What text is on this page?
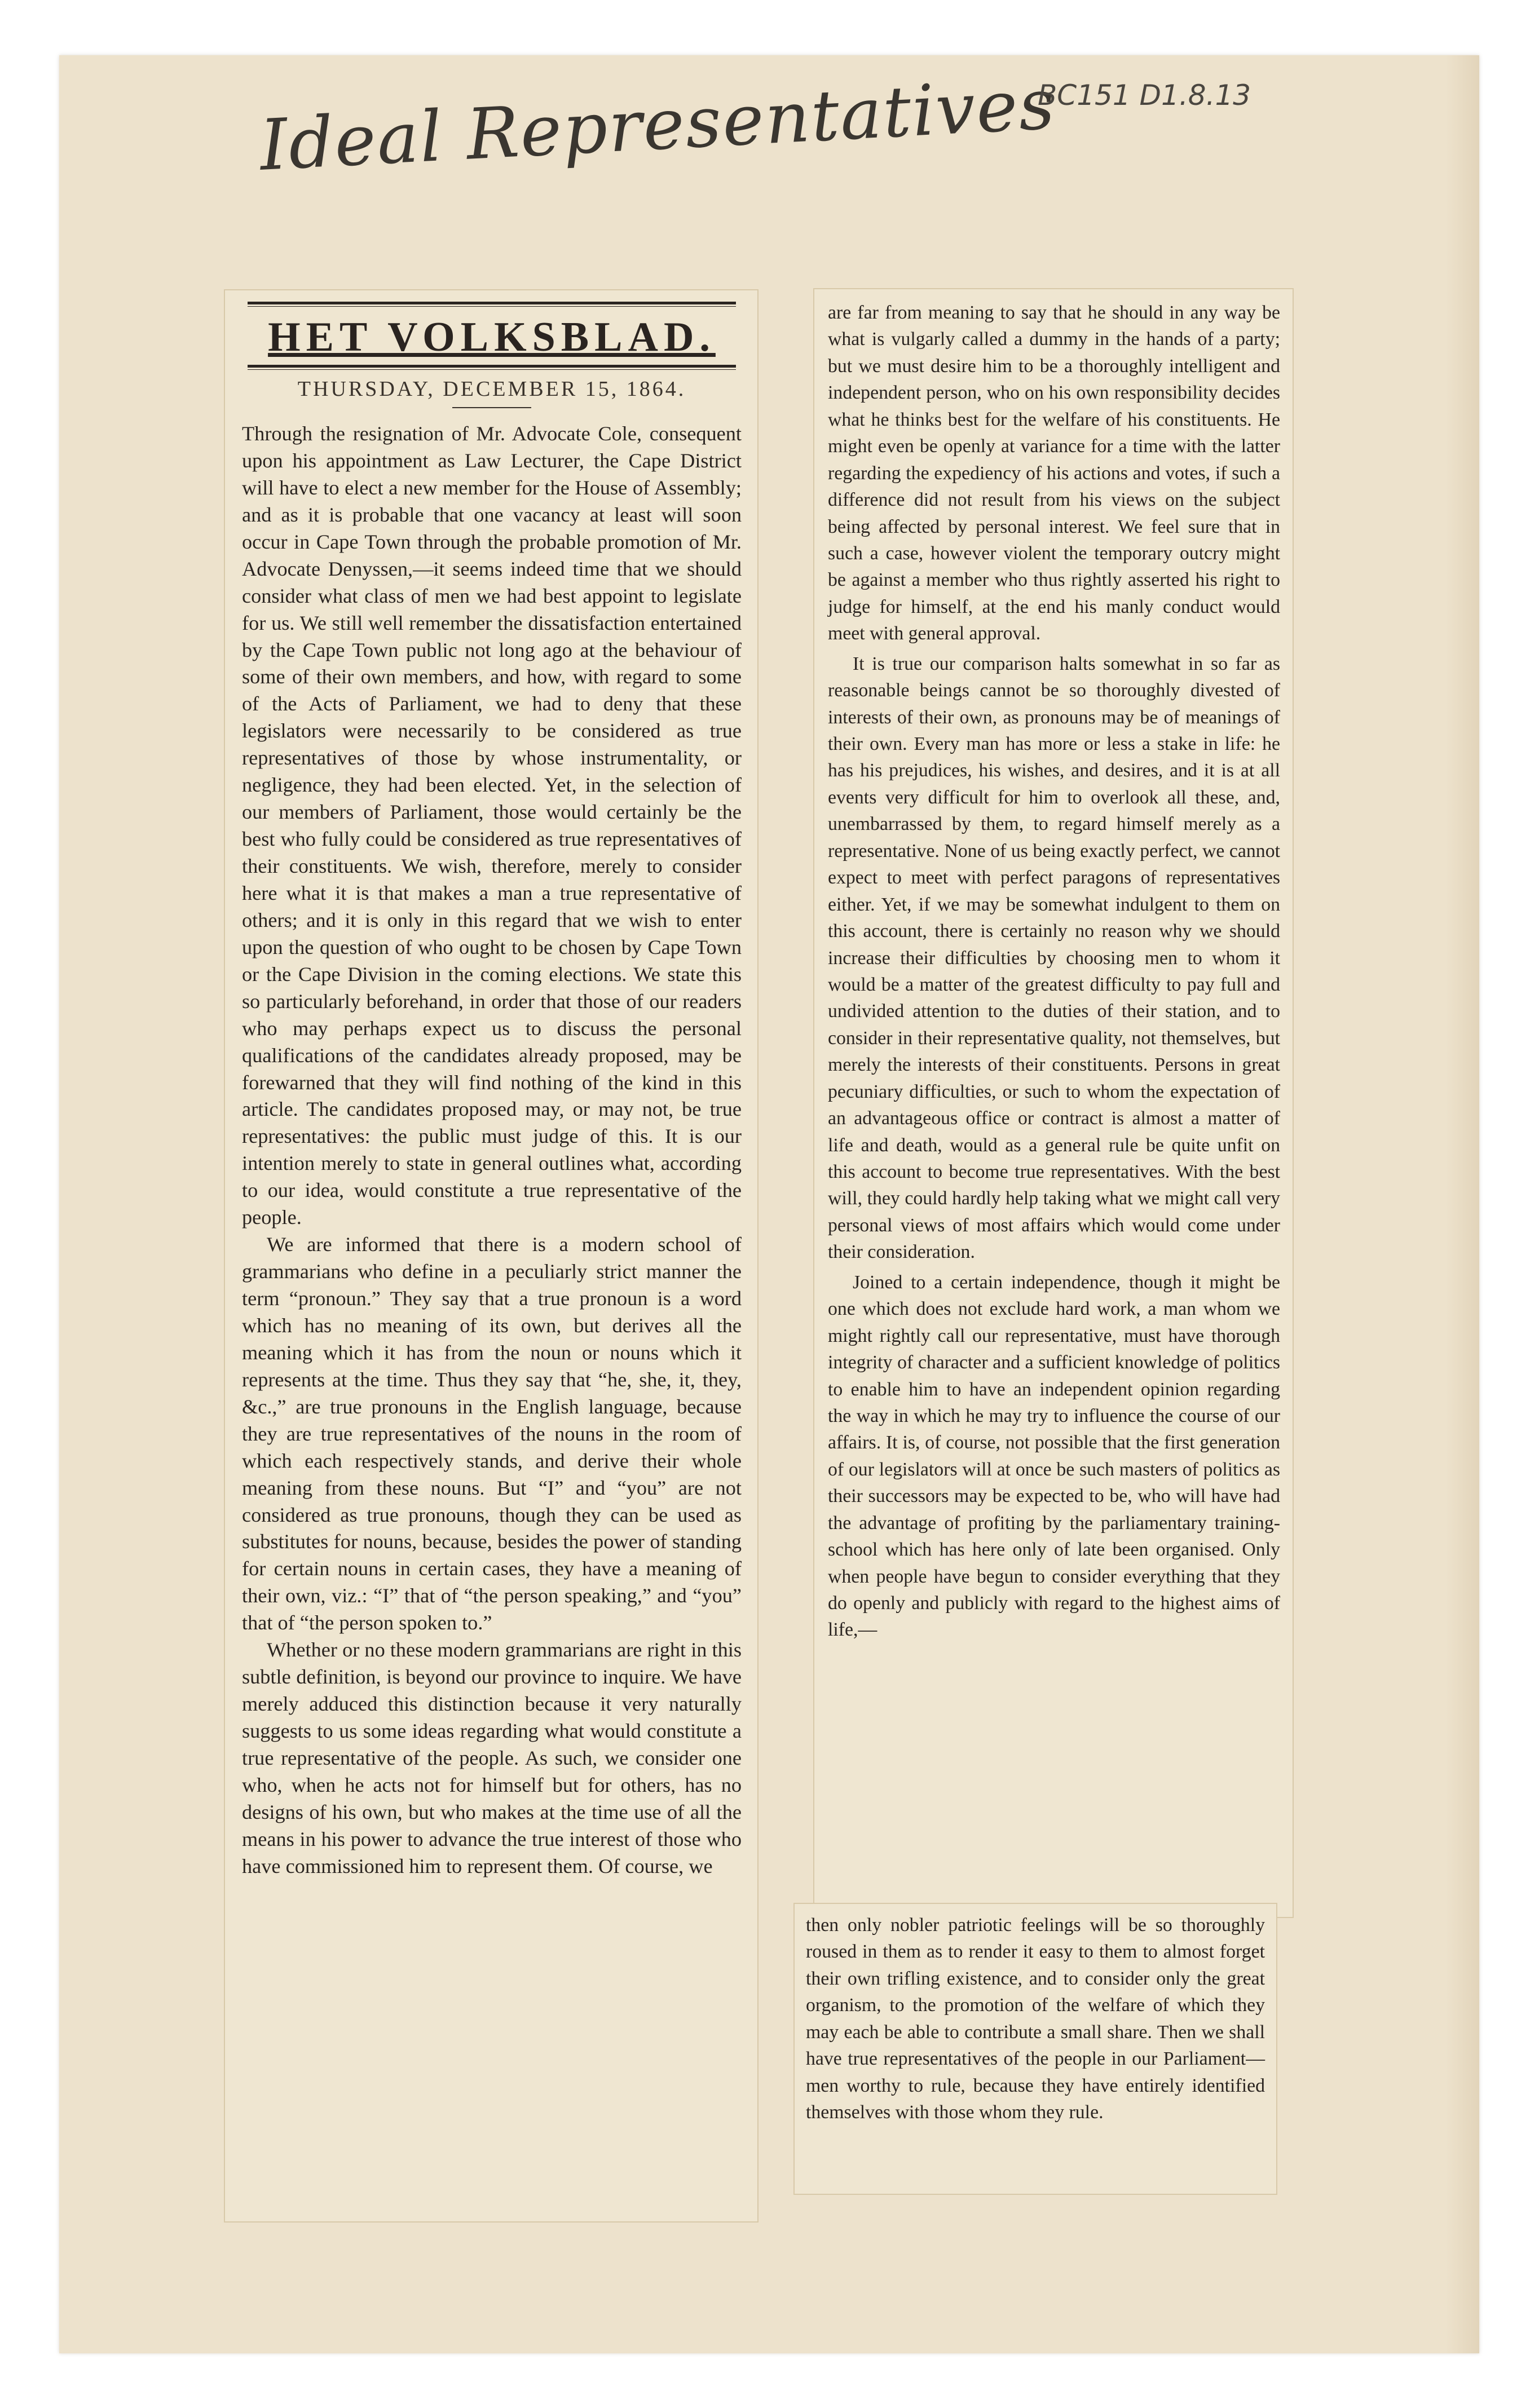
Ideal Representatives
BC151 D1.8.13
HET VOLKSBLAD.
THURSDAY, DECEMBER 15, 1864.

Through the resignation of Mr. Advocate Cole, consequent upon his appointment as Law Lecturer, the Cape District will have to elect a new member for the House of Assembly; and as it is probable that one vacancy at least will soon occur in Cape Town through the probable promotion of Mr. Advocate Denyssen,—it seems indeed time that we should consider what class of men we had best appoint to legislate for us. We still well remember the dissatisfaction entertained by the Cape Town public not long ago at the behaviour of some of their own members, and how, with regard to some of the Acts of Parliament, we had to deny that these legislators were necessarily to be considered as true representatives of those by whose instrumentality, or negligence, they had been elected. Yet, in the selection of our members of Parliament, those would certainly be the best who fully could be considered as true representatives of their constituents. We wish, therefore, merely to consider here what it is that makes a man a true representative of others; and it is only in this regard that we wish to enter upon the question of who ought to be chosen by Cape Town or the Cape Division in the coming elections. We state this so particularly beforehand, in order that those of our readers who may perhaps expect us to discuss the personal qualifications of the candidates already proposed, may be forewarned that they will find nothing of the kind in this article. The candidates proposed may, or may not, be true representatives: the public must judge of this. It is our intention merely to state in general outlines what, according to our idea, would constitute a true representative of the people.

We are informed that there is a modern school of grammarians who define in a peculiarly strict manner the term “pronoun.” They say that a true pronoun is a word which has no meaning of its own, but derives all the meaning which it has from the noun or nouns which it represents at the time. Thus they say that “he, she, it, they, &c.,” are true pronouns in the English language, because they are true representatives of the nouns in the room of which each respectively stands, and derive their whole meaning from these nouns. But “I” and “you” are not considered as true pronouns, though they can be used as substitutes for nouns, because, besides the power of standing for certain nouns in certain cases, they have a meaning of their own, viz.: “I” that of “the person speaking,” and “you” that of “the person spoken to.”

Whether or no these modern grammarians are right in this subtle definition, is beyond our province to inquire. We have merely adduced this distinction because it very naturally suggests to us some ideas regarding what would constitute a true representative of the people. As such, we consider one who, when he acts not for himself but for others, has no designs of his own, but who makes at the time use of all the means in his power to advance the true interest of those who have commissioned him to represent them. Of course, we

are far from meaning to say that he should in any way be what is vulgarly called a dummy in the hands of a party; but we must desire him to be a thoroughly intelligent and independent person, who on his own responsibility decides what he thinks best for the welfare of his constituents. He might even be openly at variance for a time with the latter regarding the expediency of his actions and votes, if such a difference did not result from his views on the subject being affected by personal interest. We feel sure that in such a case, however violent the temporary outcry might be against a member who thus rightly asserted his right to judge for himself, at the end his manly conduct would meet with general approval.

It is true our comparison halts somewhat in so far as reasonable beings cannot be so thoroughly divested of interests of their own, as pronouns may be of meanings of their own. Every man has more or less a stake in life: he has his prejudices, his wishes, and desires, and it is at all events very difficult for him to overlook all these, and, unembarrassed by them, to regard himself merely as a representative. None of us being exactly perfect, we cannot expect to meet with perfect paragons of representatives either. Yet, if we may be somewhat indulgent to them on this account, there is certainly no reason why we should increase their difficulties by choosing men to whom it would be a matter of the greatest difficulty to pay full and undivided attention to the duties of their station, and to consider in their representative quality, not themselves, but merely the interests of their constituents. Persons in great pecuniary difficulties, or such to whom the expectation of an advantageous office or contract is almost a matter of life and death, would as a general rule be quite unfit on this account to become true representatives. With the best will, they could hardly help taking what we might call very personal views of most affairs which would come under their consideration.

Joined to a certain independence, though it might be one which does not exclude hard work, a man whom we might rightly call our representative, must have thorough integrity of character and a sufficient knowledge of politics to enable him to have an independent opinion regarding the way in which he may try to influence the course of our affairs. It is, of course, not possible that the first generation of our legislators will at once be such masters of politics as their successors may be expected to be, who will have had the advantage of profiting by the parliamentary training-school which has here only of late been organised. Only when people have begun to consider everything that they do openly and publicly with regard to the highest aims of life,—

then only nobler patriotic feelings will be so thoroughly roused in them as to render it easy to them to almost forget their own trifling existence, and to consider only the great organism, to the promotion of the welfare of which they may each be able to contribute a small share. Then we shall have true representatives of the people in our Parliament—men worthy to rule, because they have entirely identified themselves with those whom they rule.
